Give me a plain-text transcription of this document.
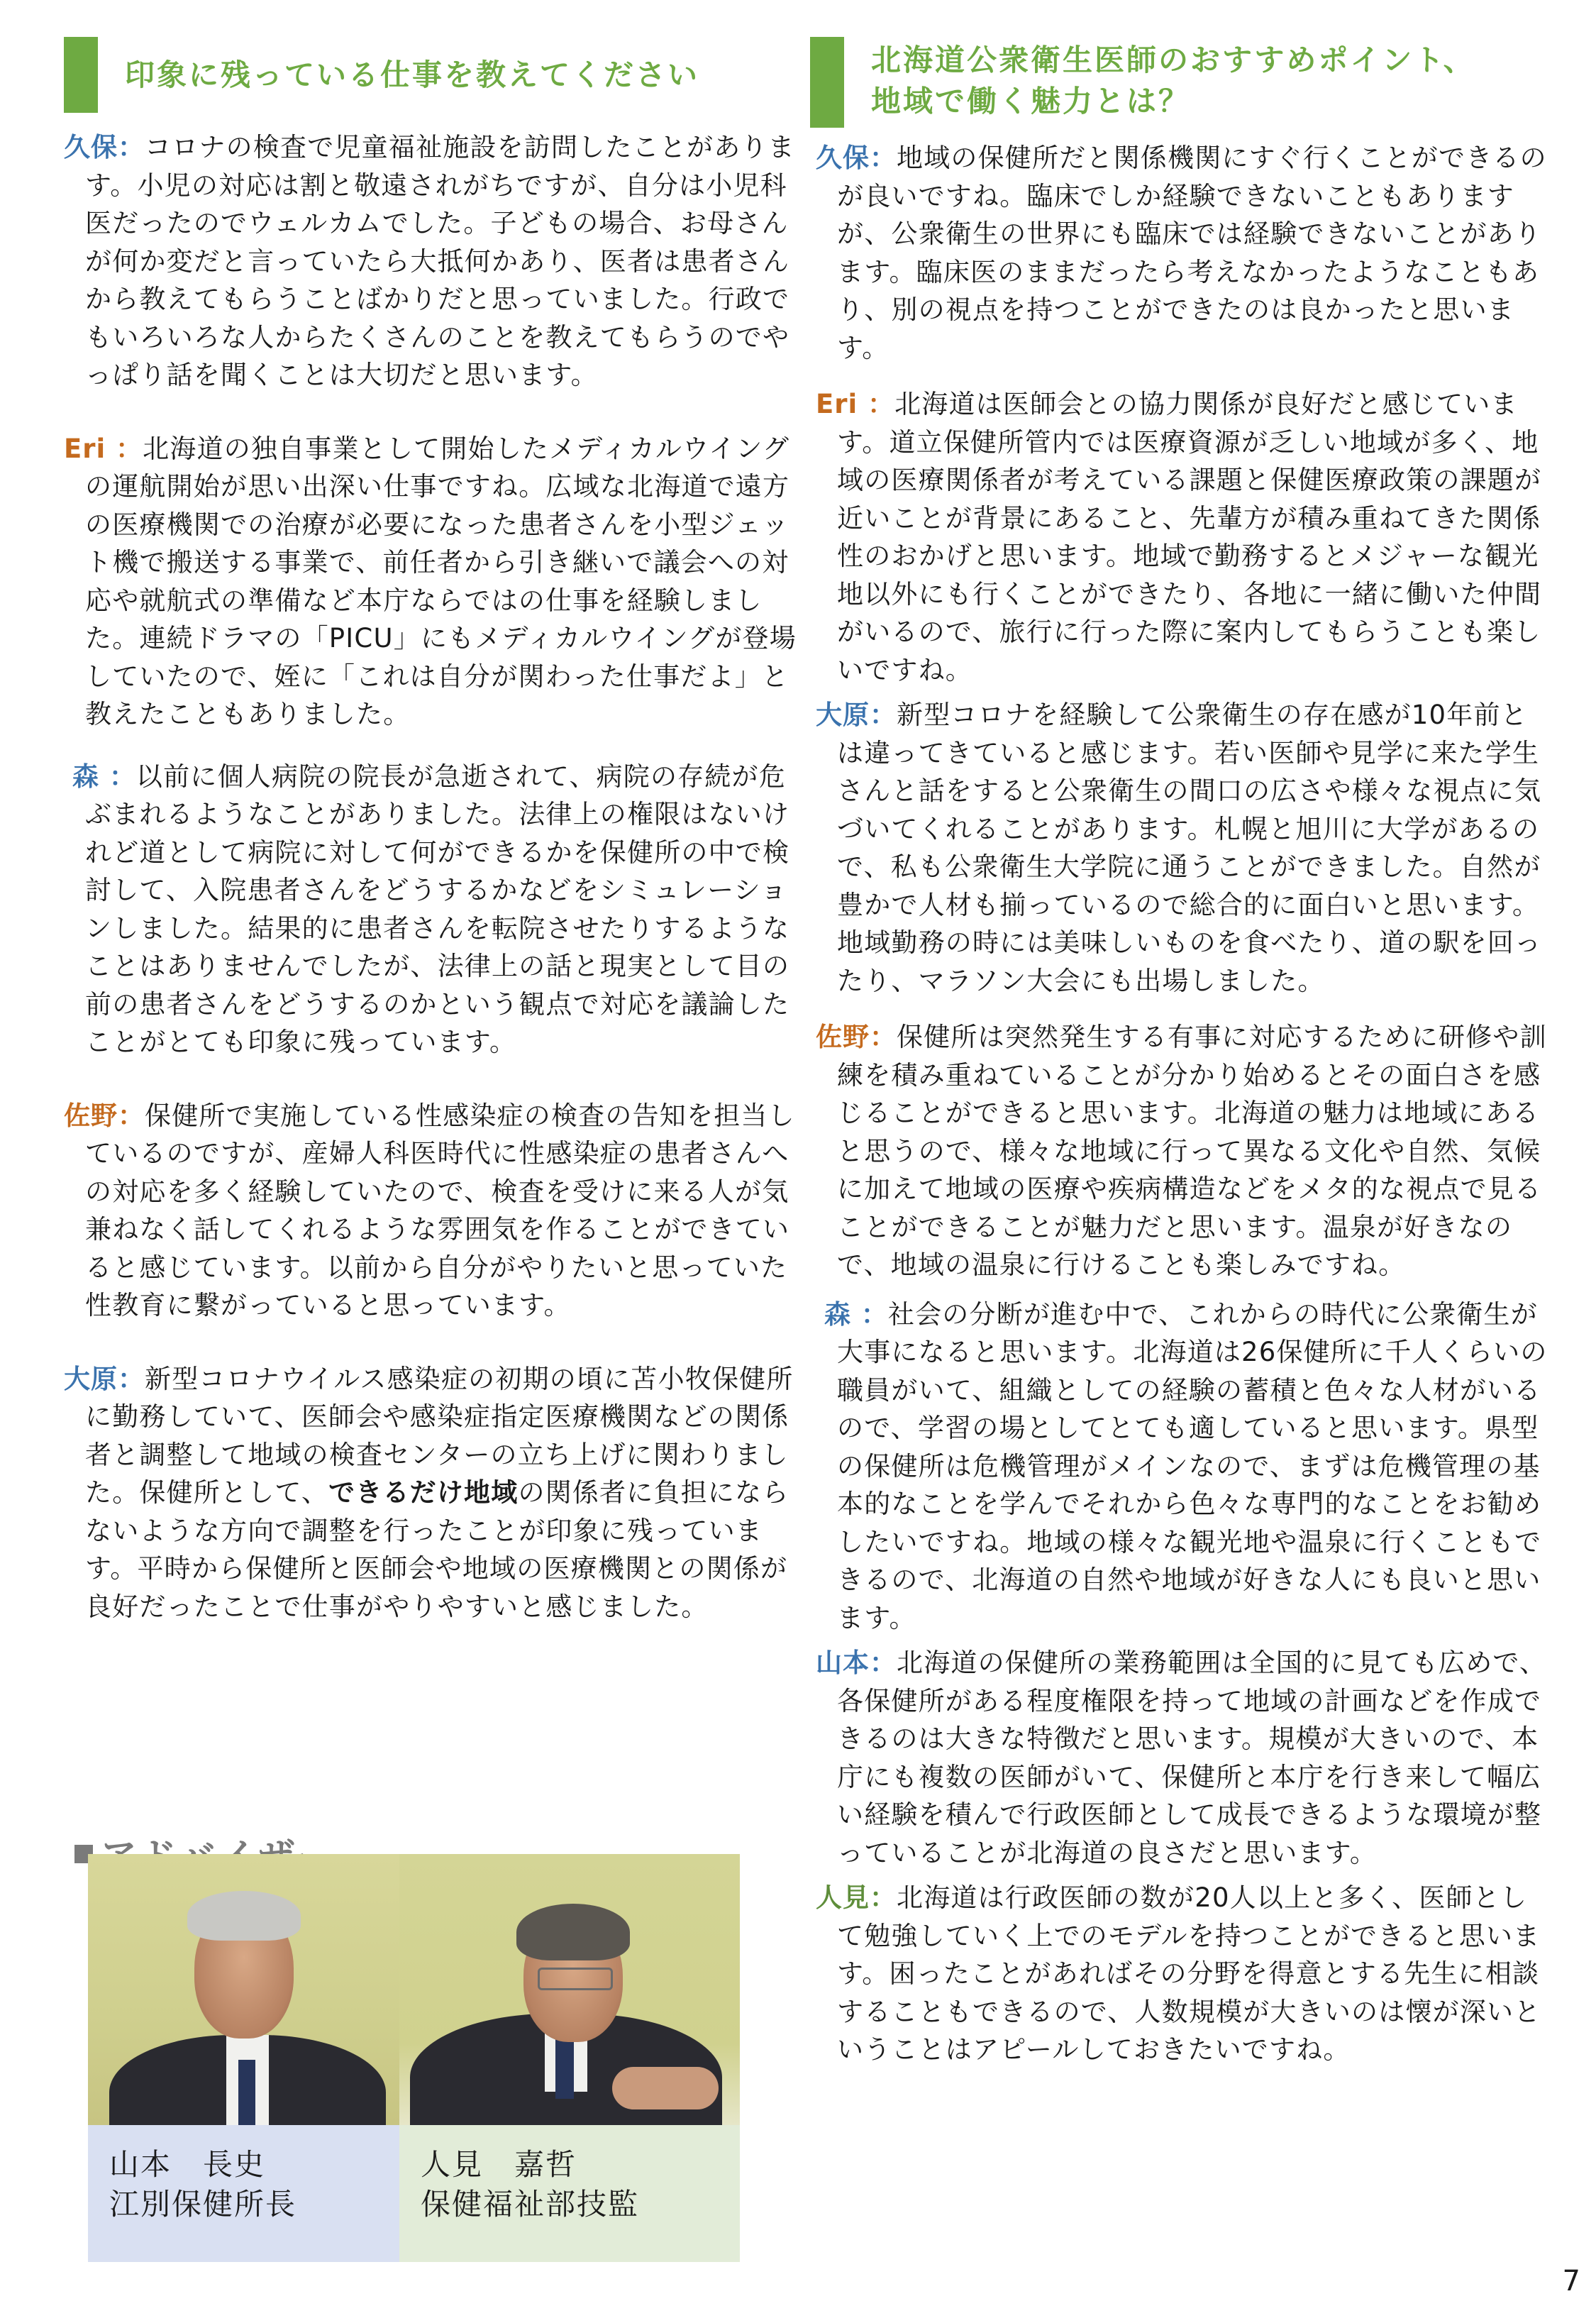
印象に残っている仕事を教えてください

久保：コロナの検査で児童福祉施設を訪問したことがあります。小児の対応は割と敬遠されがちですが、自分は小児科医だったのでウェルカムでした。子どもの場合、お母さんが何か変だと言っていたら大抵何かあり、医者は患者さんから教えてもらうことばかりだと思っていました。行政でもいろいろな人からたくさんのことを教えてもらうのでやっぱり話を聞くことは大切だと思います。

Eri ：北海道の独自事業として開始したメディカルウイングの運航開始が思い出深い仕事ですね。広域な北海道で遠方の医療機関での治療が必要になった患者さんを小型ジェット機で搬送する事業で、前任者から引き継いで議会への対応や就航式の準備など本庁ならではの仕事を経験しました。連続ドラマの「PICU」にもメディカルウイングが登場していたので、姪に「これは自分が関わった仕事だよ」と教えたこともありました。

森 ：以前に個人病院の院長が急逝されて、病院の存続が危ぶまれるようなことがありました。法律上の権限はないけれど道として病院に対して何ができるかを保健所の中で検討して、入院患者さんをどうするかなどをシミュレーションしました。結果的に患者さんを転院させたりするようなことはありませんでしたが、法律上の話と現実として目の前の患者さんをどうするのかという観点で対応を議論したことがとても印象に残っています。

佐野：保健所で実施している性感染症の検査の告知を担当しているのですが、産婦人科医時代に性感染症の患者さんへの対応を多く経験していたので、検査を受けに来る人が気兼ねなく話してくれるような雰囲気を作ることができていると感じています。以前から自分がやりたいと思っていた性教育に繋がっていると思っています。

大原：新型コロナウイルス感染症の初期の頃に苫小牧保健所に勤務していて、医師会や感染症指定医療機関などの関係者と調整して地域の検査センターの立ち上げに関わりました。保健所として、できるだけ地域の関係者に負担にならないような方向で調整を行ったことが印象に残っています。平時から保健所と医師会や地域の医療機関との関係が良好だったことで仕事がやりやすいと感じました。

山本　長史
江別保健所長
人見　嘉哲
保健福祉部技監
北海道公衆衛生医師のおすすめポイント、
地域で働く魅力とは？

久保：地域の保健所だと関係機関にすぐ行くことができるのが良いですね。臨床でしか経験できないこともありますが、公衆衛生の世界にも臨床では経験できないことがあります。臨床医のままだったら考えなかったようなこともあり、別の視点を持つことができたのは良かったと思います。

Eri ：北海道は医師会との協力関係が良好だと感じています。道立保健所管内では医療資源が乏しい地域が多く、地域の医療関係者が考えている課題と保健医療政策の課題が近いことが背景にあること、先輩方が積み重ねてきた関係性のおかげと思います。地域で勤務するとメジャーな観光地以外にも行くことができたり、各地に一緒に働いた仲間がいるので、旅行に行った際に案内してもらうことも楽しいですね。

大原：新型コロナを経験して公衆衛生の存在感が10年前とは違ってきていると感じます。若い医師や見学に来た学生さんと話をすると公衆衛生の間口の広さや様々な視点に気づいてくれることがあります。札幌と旭川に大学があるので、私も公衆衛生大学院に通うことができました。自然が豊かで人材も揃っているので総合的に面白いと思います。地域勤務の時には美味しいものを食べたり、道の駅を回ったり、マラソン大会にも出場しました。

佐野：保健所は突然発生する有事に対応するために研修や訓練を積み重ねていることが分かり始めるとその面白さを感じることができると思います。北海道の魅力は地域にあると思うので、様々な地域に行って異なる文化や自然、気候に加えて地域の医療や疾病構造などをメタ的な視点で見ることができることが魅力だと思います。温泉が好きなので、地域の温泉に行けることも楽しみですね。

森 ：社会の分断が進む中で、これからの時代に公衆衛生が大事になると思います。北海道は26保健所に千人くらいの職員がいて、組織としての経験の蓄積と色々な人材がいるので、学習の場としてとても適していると思います。県型の保健所は危機管理がメインなので、まずは危機管理の基本的なことを学んでそれから色々な専門的なことをお勧めしたいですね。地域の様々な観光地や温泉に行くこともできるので、北海道の自然や地域が好きな人にも良いと思います。

山本：北海道の保健所の業務範囲は全国的に見ても広めで、各保健所がある程度権限を持って地域の計画などを作成できるのは大きな特徴だと思います。規模が大きいので、本庁にも複数の医師がいて、保健所と本庁を行き来して幅広い経験を積んで行政医師として成長できるような環境が整っていることが北海道の良さだと思います。

人見：北海道は行政医師の数が20人以上と多く、医師として勉強していく上でのモデルを持つことができると思います。困ったことがあればその分野を得意とする先生に相談することもできるので、人数規模が大きいのは懐が深いということはアピールしておきたいですね。

7
